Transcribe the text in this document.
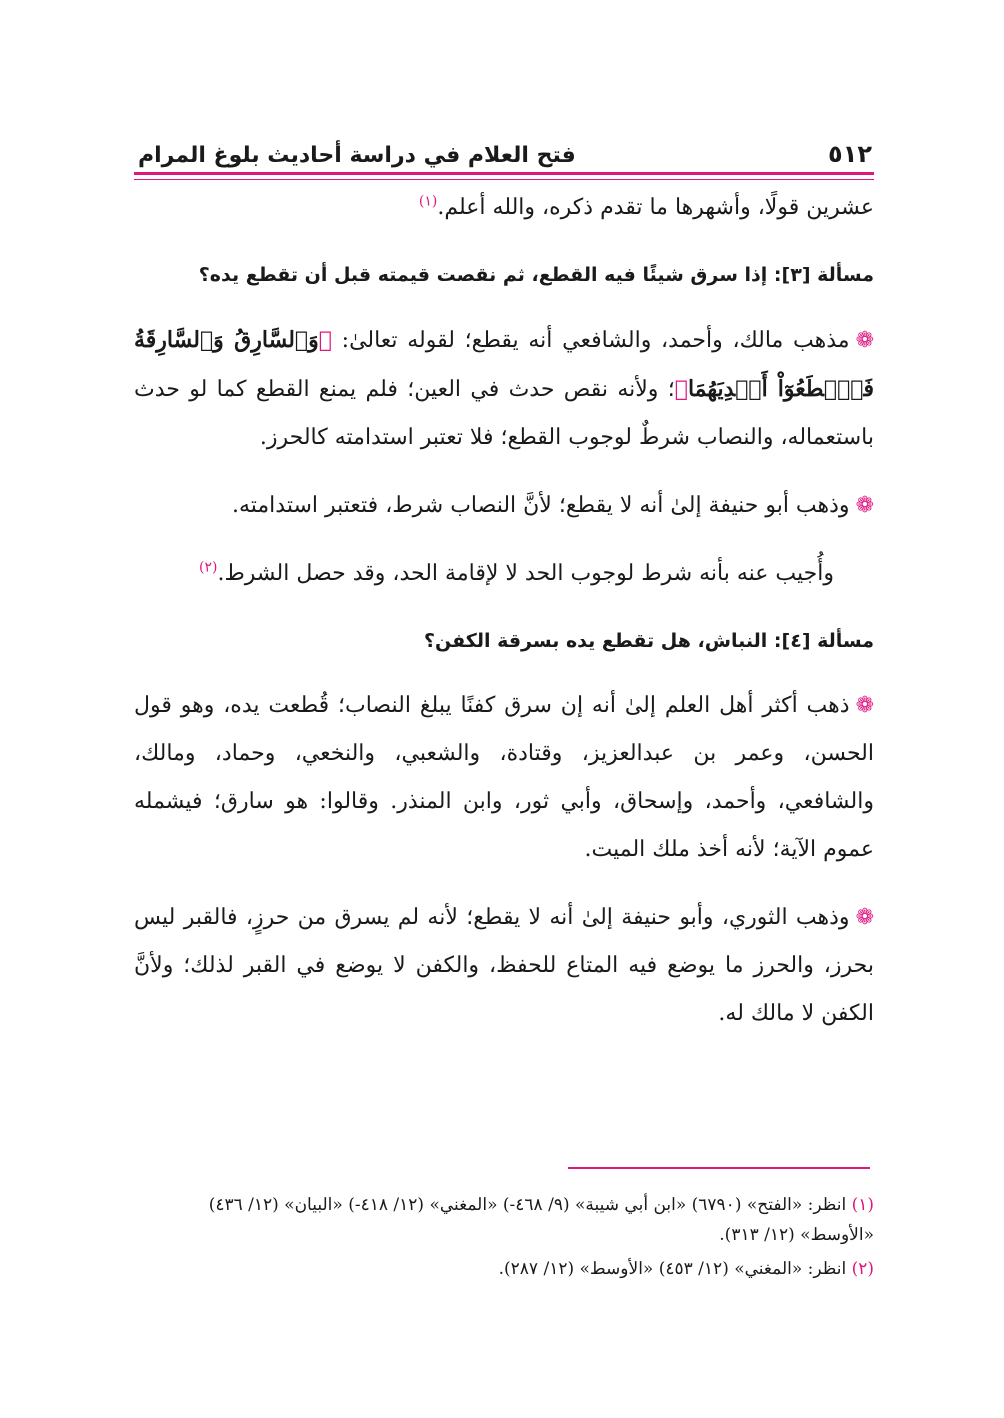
٥١٢
فتح العلام في دراسة أحاديث بلوغ المرام

عشرين قولًا، وأشهرها ما تقدم ذكره، والله أعلم.$^{(١)}$

مسألة [٣]: إذا سرق شيئًا فيه القطع، ثم نقصت قيمته قبل أن تقطع يده؟

❁مذهب مالك، وأحمد، والشافعي أنه يقطع؛ لقوله تعالىٰ: ﴿وَٱلسَّارِقُ وَٱلسَّارِقَةُ فَٱقۡطَعُوٓاْ أَيۡدِيَهُمَا﴾؛ ولأنه نقص حدث في العين؛ فلم يمنع القطع كما لو حدث باستعماله، والنصاب شرطٌ لوجوب القطع؛ فلا تعتبر استدامته كالحرز.

❁وذهب أبو حنيفة إلىٰ أنه لا يقطع؛ لأنَّ النصاب شرط، فتعتبر استدامته.

وأُجيب عنه بأنه شرط لوجوب الحد لا لإقامة الحد، وقد حصل الشرط.$^{(٢)}$

مسألة [٤]: النباش، هل تقطع يده بسرقة الكفن؟

❁ذهب أكثر أهل العلم إلىٰ أنه إن سرق كفنًا يبلغ النصاب؛ قُطعت يده، وهو قول الحسن، وعمر بن عبدالعزيز، وقتادة، والشعبي، والنخعي، وحماد، ومالك، والشافعي، وأحمد، وإسحاق، وأبي ثور، وابن المنذر. وقالوا: هو سارق؛ فيشمله عموم الآية؛ لأنه أخذ ملك الميت.

❁وذهب الثوري، وأبو حنيفة إلىٰ أنه لا يقطع؛ لأنه لم يسرق من حرزٍ، فالقبر ليس بحرز، والحرز ما يوضع فيه المتاع للحفظ، والكفن لا يوضع في القبر لذلك؛ ولأنَّ الكفن لا مالك له.

(١) انظر: «الفتح» (٦٧٩٠) «ابن أبي شيبة» (٩/ ٤٦٨-) «المغني» (١٢/ ٤١٨-) «البيان» (١٢/ ٤٣٦) «الأوسط» (١٢/ ٣١٣).

(٢) انظر: «المغني» (١٢/ ٤٥٣) «الأوسط» (١٢/ ٢٨٧).
